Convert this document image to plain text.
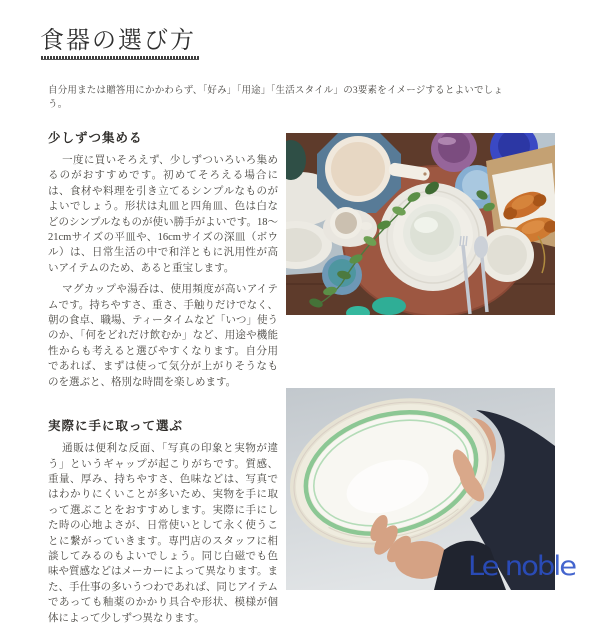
食器の選び方

自分用または贈答用にかかわらず、「好み」「用途」「生活スタイル」の3要素をイメージするとよいでしょう。

少しずつ集める

一度に買いそろえず、少しずついろいろ集めるのがおすすめです。初めてそろえる場合には、食材や料理を引き立てるシンプルなものがよいでしょう。形状は丸皿と四角皿、色は白などのシンプルなものが使い勝手がよいです。18～21cmサイズの平皿や、16cmサイズの深皿（ボウル）は、日常生活の中で和洋ともに汎用性が高いアイテムのため、あると重宝します。

マグカップや湯呑は、使用頻度が高いアイテムです。持ちやすさ、重さ、手触りだけでなく、朝の食卓、職場、ティータイムなど「いつ」使うのか、「何をどれだけ飲むか」など、用途や機能性からも考えると選びやすくなります。自分用であれば、まずは使って気分が上がりそうなものを選ぶと、格別な時間を楽しめます。

実際に手に取って選ぶ

通販は便利な反面、「写真の印象と実物が違う」というギャップが起こりがちです。質感、重量、厚み、持ちやすさ、色味などは、写真ではわかりにくいことが多いため、実物を手に取って選ぶことをおすすめします。実際に手にした時の心地よさが、日常使いとして永く使うことに繋がっていきます。専門店のスタッフに相談してみるのもよいでしょう。同じ白磁でも色味や質感などはメーカーによって異なります。また、手仕事の多いうつわであれば、同じアイテムであっても釉薬のかかり具合や形状、模様が個体によって少しずつ異なります。

Le noble
